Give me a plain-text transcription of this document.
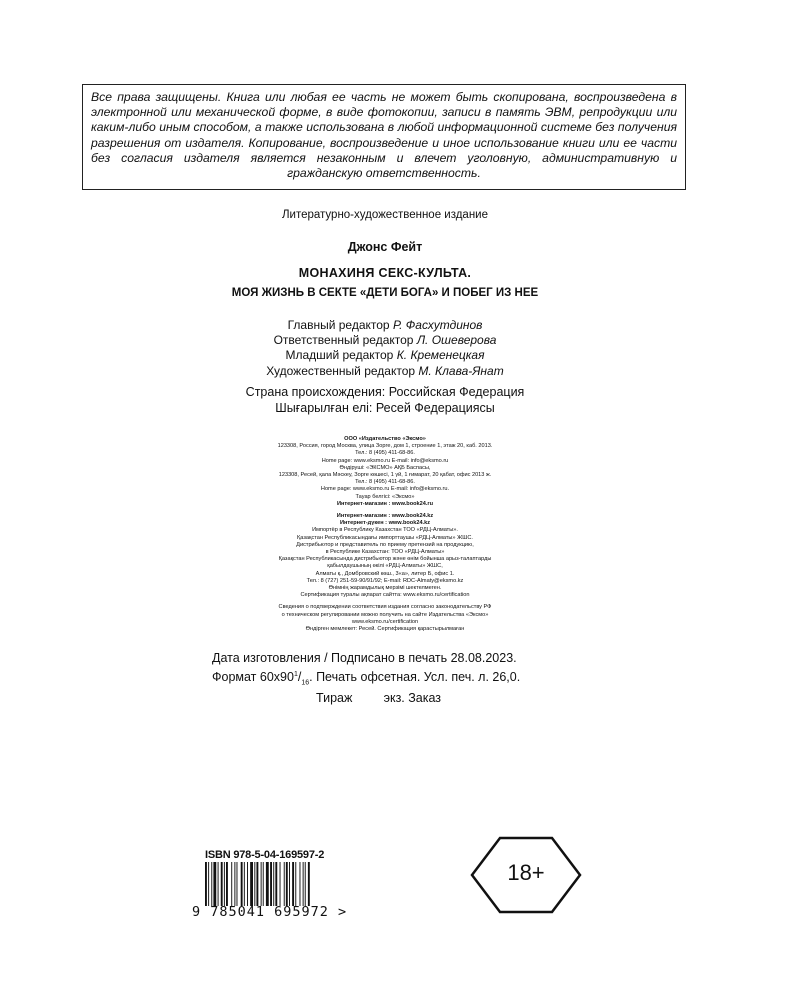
Все права защищены. Книга или любая ее часть не может быть скопирована, воспроизведена в электронной или механической форме, в виде фотокопии, записи в память ЭВМ, репродукции или каким-либо иным способом, а также использована в любой информационной системе без получения разрешения от издателя. Копирование, воспроизведение и иное использование книги или ее части без согласия издателя является незаконным и влечет уголовную, административную и гражданскую ответственность.
Литературно-художественное издание
Джонс Фейт
МОНАХИНЯ СЕКС-КУЛЬТА.
МОЯ ЖИЗНЬ В СЕКТЕ «ДЕТИ БОГА» И ПОБЕГ ИЗ НЕЕ
Главный редактор Р. Фасхутдинов
Ответственный редактор Л. Ошеверова
Младший редактор К. Кременецкая
Художественный редактор М. Клава-Янат
Страна происхождения: Российская Федерация
Шығарылған елі: Ресей Федерациясы
ООО «Издательство «Эксмо»
123308, Россия, город Москва, улица Зорге, дом 1, строение 1, этаж 20, каб. 2013.
Тел.: 8 (495) 411-68-86.
Home page: www.eksmo.ru E-mail: info@eksmo.ru
Өндіруші: «ЭКСМО» АҚБ Баспасы,
123308, Ресей, қала Мәскеу, Зорге көшесі, 1 үй, 1 ғимарат, 20 қабат, офис 2013 ж.
Тел.: 8 (495) 411-68-86.
Home page: www.eksmo.ru E-mail: info@eksmo.ru.
Тауар белгісі: «Эксмо»
Интернет-магазин : www.book24.ru
Интернет-магазин : www.book24.kz
Интернет-дүкен : www.book24.kz
Импортёр в Республику Казахстан ТОО «РДЦ-Алматы».
Қазақстан Республикасындағы импорттаушы «РДЦ-Алматы» ЖШС.
Дистрибьютор и представитель по приему претензий на продукцию,
в Республике Казахстан: ТОО «РДЦ-Алматы»
Қазақстан Республикасында дистрибьютор және өнім бойынша арыз-талаптарды
қабылдаушының өкілі «РДЦ-Алматы» ЖШС,
Алматы қ., Домбровский көш., 3«а», литер Б, офис 1.
Тел.: 8 (727) 251-59-90/91/92; E-mail: RDC-Almaty@eksmo.kz
Өнімнің жарамдылық мерзімі шектелмеген.
Сертификация туралы ақпарат сайтта: www.eksmo.ru/certification
Сведения о подтверждении соответствия издания согласно законодательству РФ
о техническом регулировании можно получить на сайте Издательства «Эксмо»
www.eksmo.ru/certification
Өндірген мемлекет: Ресей. Сертификация қарастырылмаған
Дата изготовления / Подписано в печать 28.08.2023.
Формат $60x90^1/_{16}$. Печать офсетная. Усл. печ. л. 26,0.
Тираж         экз. Заказ
ISBN 978-5-04-169597-2
9 785041 695972 >
18+
